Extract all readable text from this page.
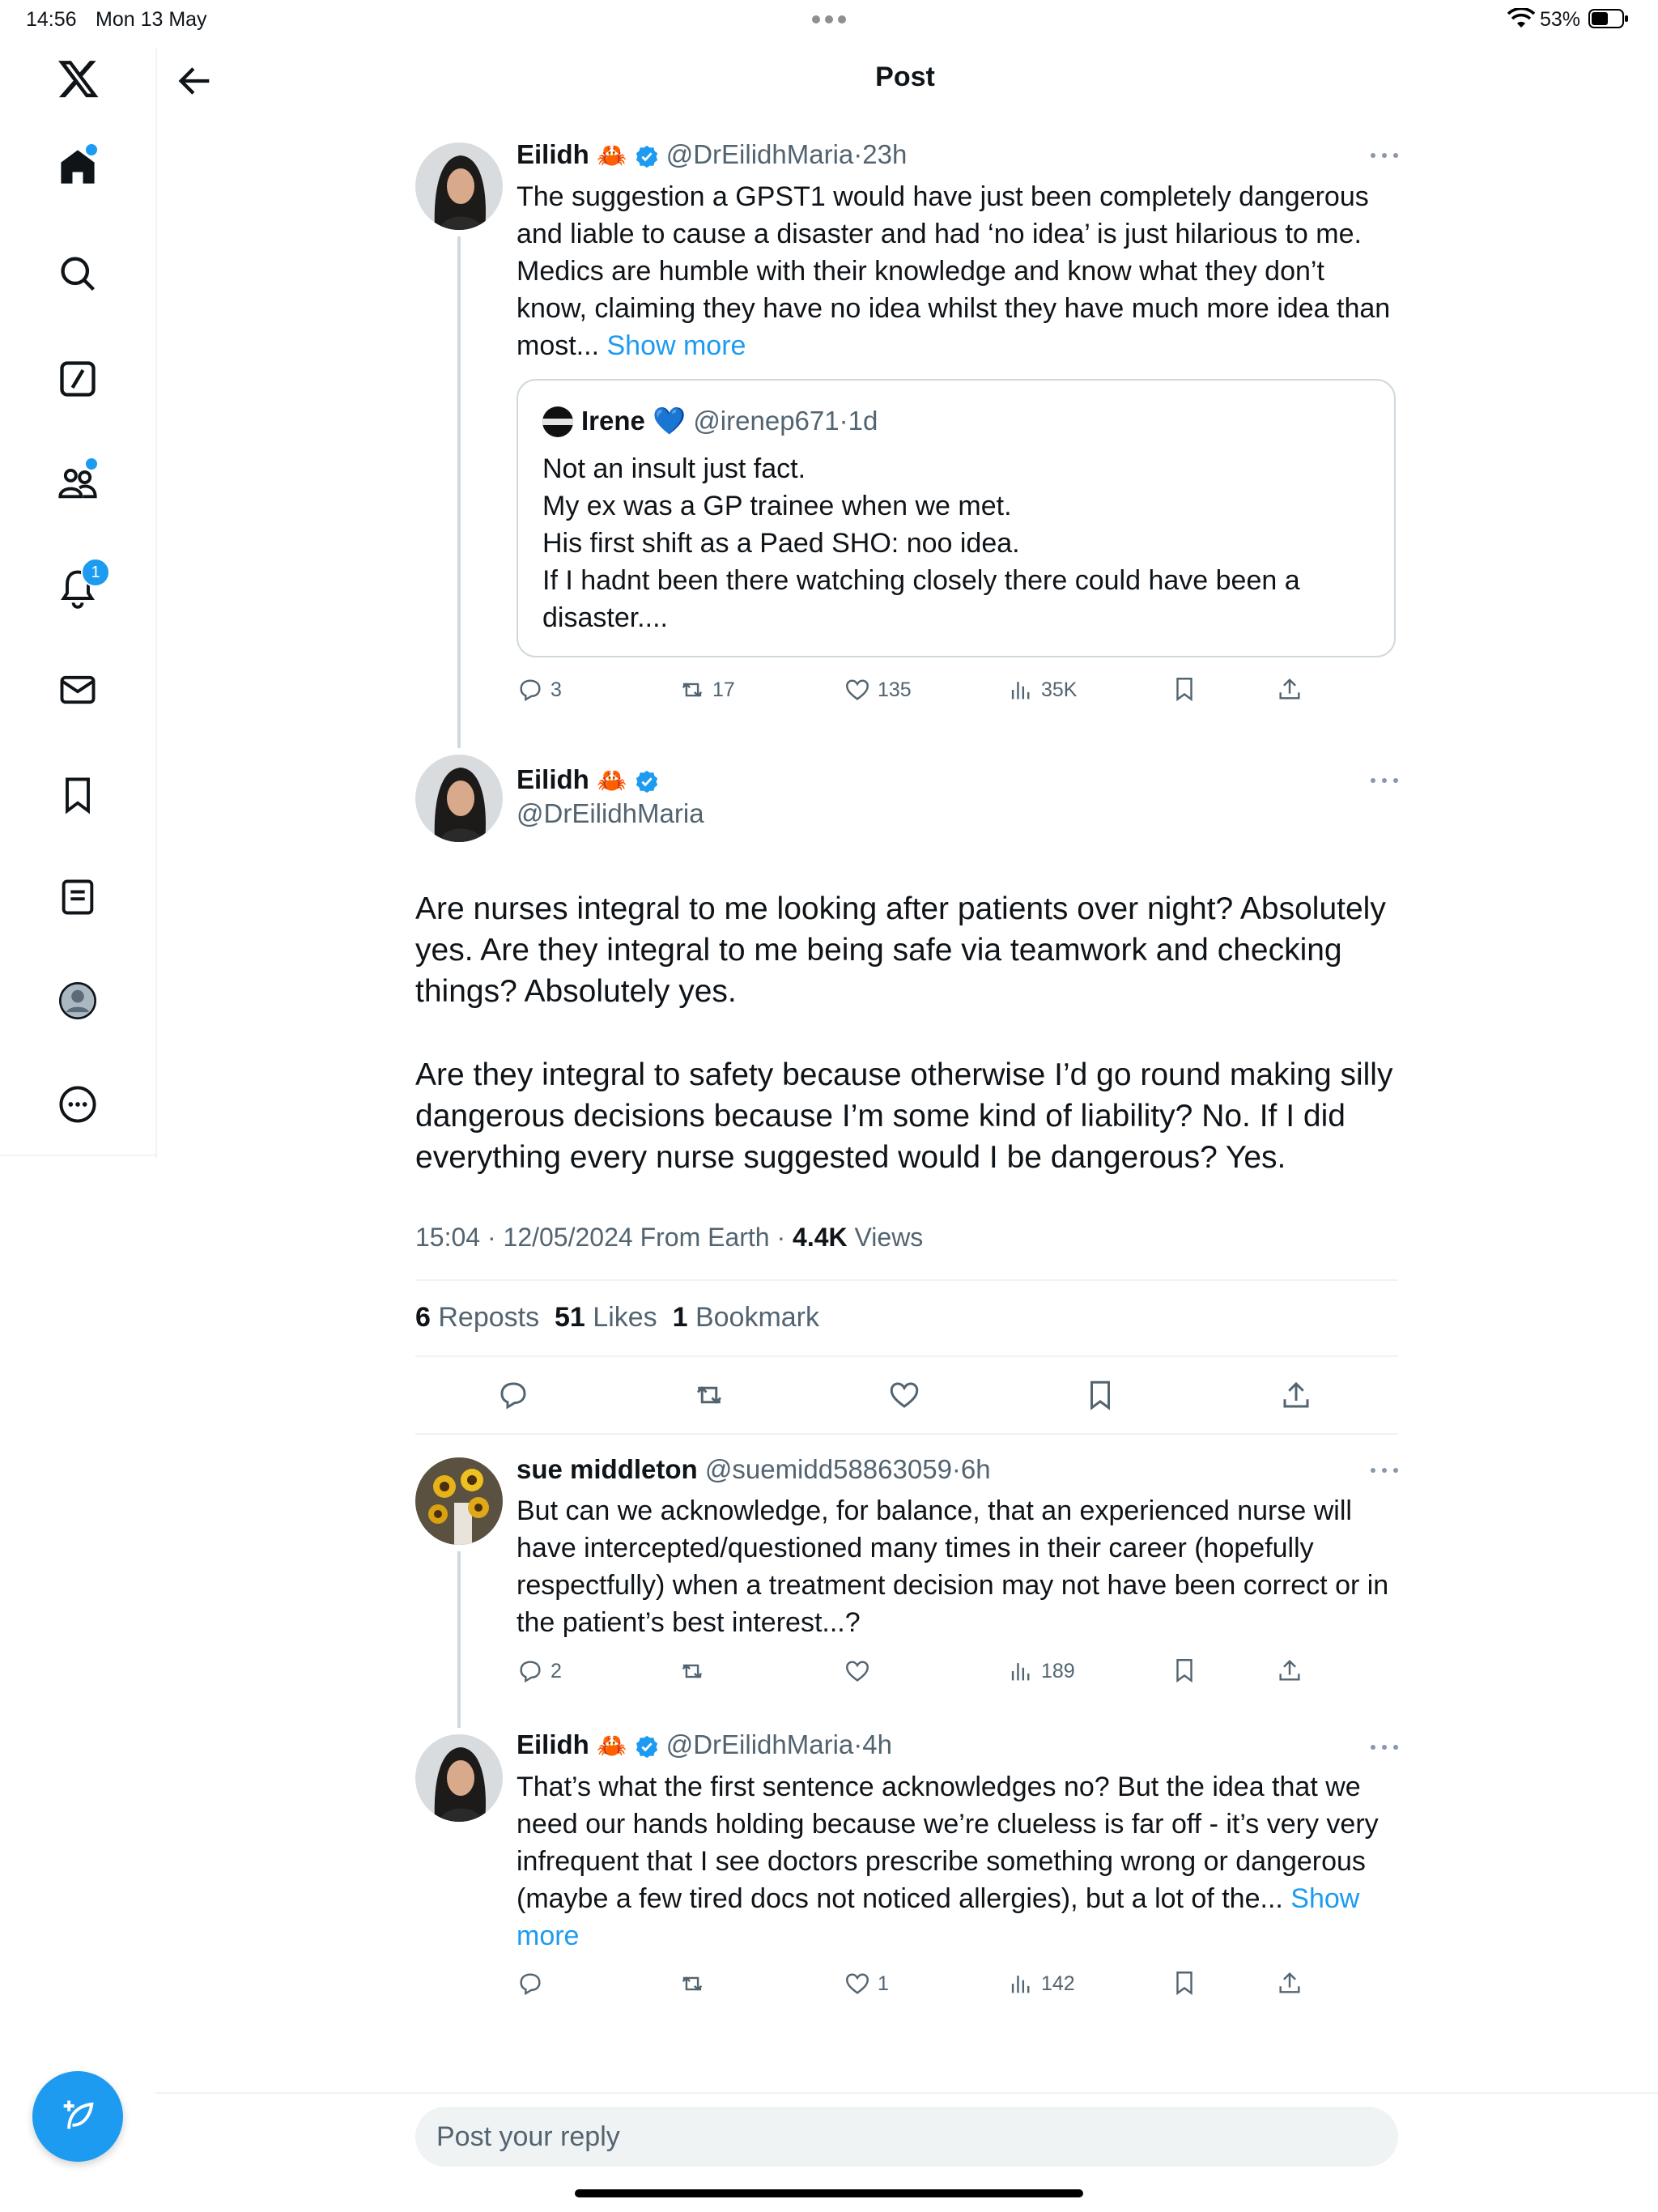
14:56 Mon 13 May	53%
1
Post
Eilidh 🦀 @DrEilidhMaria·23h
The suggestion a GPST1 would have just been completely dangerous and liable to cause a disaster and had ‘no idea’ is just hilarious to me. Medics are humble with their knowledge and know what they don’t know, claiming they have no idea whilst they have much more idea than most... Show more
Irene 💙 @irenep671·1d
Not an insult just fact.
My ex was a GP trainee when we met.
His first shift as a Paed SHO: noo idea.
If I hadnt been there watching closely there could have been a
disaster....
3	17	135	35K
Eilidh 🦀
@DrEilidhMaria
Are nurses integral to me looking after patients over night? Absolutely yes. Are they integral to me being safe via teamwork and checking things? Absolutely yes.
Are they integral to safety because otherwise I’d go round making silly dangerous decisions because I’m some kind of liability? No. If I did everything every nurse suggested would I be dangerous? Yes.
15:04 · 12/05/2024 From Earth · 4.4K Views
6 Reposts 51 Likes 1 Bookmark
sue middleton @suemidd58863059·6h
But can we acknowledge, for balance, that an experienced nurse will have intercepted/questioned many times in their career (hopefully respectfully) when a treatment decision may not have been correct or in the patient’s best interest...?
2	189
Eilidh 🦀 @DrEilidhMaria·4h
That’s what the first sentence acknowledges no? But the idea that we need our hands holding because we’re clueless is far off - it’s very very infrequent that I see doctors prescribe something wrong or dangerous (maybe a few tired docs not noticed allergies), but a lot of the... Show more
1	142
Post your reply
